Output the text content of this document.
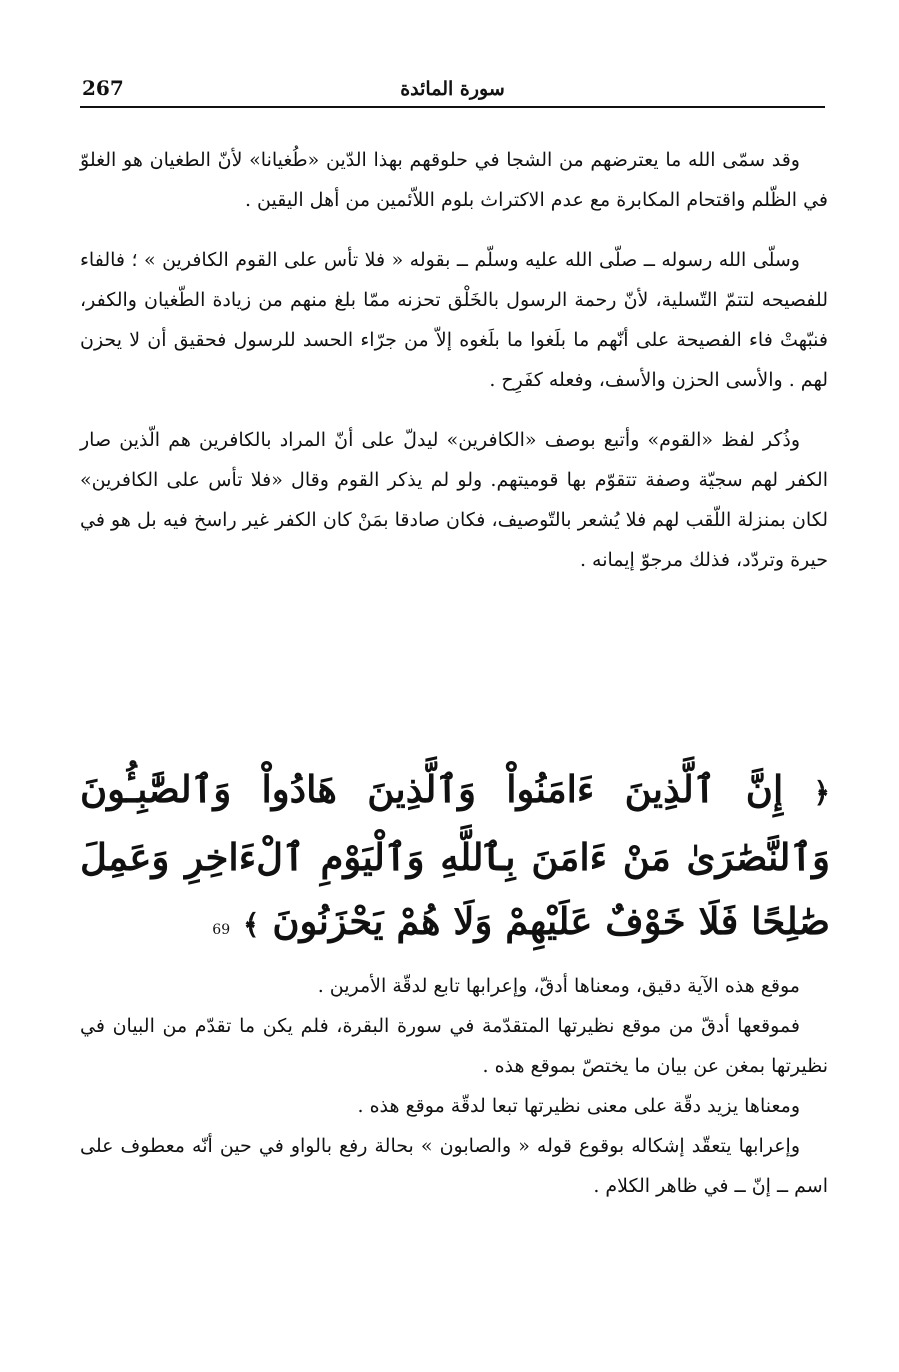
267	سورة المائدة

وقد سمّى الله ما يعترضهم من الشجا في حلوقهم بهذا الدّين «طُغيانا» لأنّ الطغيان هو الغلوّ في الظّلم واقتحام المكابرة مع عدم الاكتراث بلوم اللاّئمين من أهل اليقين .

وسلّى الله رسوله ــ صلّى الله عليه وسلّم ــ بقوله « فلا تأس على القوم الكافرين » ؛ فالفاء للفصيحه لتتمّ التّسلية، لأنّ رحمة الرسول بالخَلْق تحزنه ممّا بلغ منهم من زيادة الطّغيان والكفر، فنبّهتْ فاء الفصيحة على أنّهم ما بلَغوا ما بلَغوه إلاّ من جرّاء الحسد للرسول فحقيق أن لا يحزن لهم . والأسى الحزن والأسف، وفعله كفَرِح .

وذُكر لفظ «القوم» وأتبع بوصف «الكافرين» ليدلّ على أنّ المراد بالكافرين هم الّذين صار الكفر لهم سجيّة وصفة تتقوّم بها قوميتهم. ولو لم يذكر القوم وقال «فلا تأس على الكافرين» لكان بمنزلة اللّقب لهم فلا يُشعر بالتّوصيف، فكان صادقا بمَنْ كان الكفر غير راسخ فيه بل هو في حيرة وتردّد، فذلك مرجوّ إيمانه .

﴿ إِنَّ ٱلَّذِينَ ءَامَنُواْ وَٱلَّذِينَ هَادُواْ وَٱلصَّٰبِـُٔونَ وَٱلنَّصَٰرَىٰ مَنْ ءَامَنَ بِٱللَّهِ وَٱلْيَوْمِ ٱلْءَاخِرِ وَعَمِلَ صَٰلِحًا فَلَا خَوْفٌ عَلَيْهِمْ وَلَا هُمْ يَحْزَنُونَ ﴾ 69

موقع هذه الآية دقيق، ومعناها أدقّ، وإعرابها تابع لدقّة الأمرين .

فموقعها أدقّ من موقع نظيرتها المتقدّمة في سورة البقرة، فلم يكن ما تقدّم من البيان في نظيرتها بمغن عن بيان ما يختصّ بموقع هذه .

ومعناها يزيد دقّة على معنى نظيرتها تبعا لدقّة موقع هذه .

وإعرابها يتعقّد إشكاله بوقوع قوله « والصابون » بحالة رفع بالواو في حين أنّه معطوف على اسم ــ إنّ ــ في ظاهر الكلام .
